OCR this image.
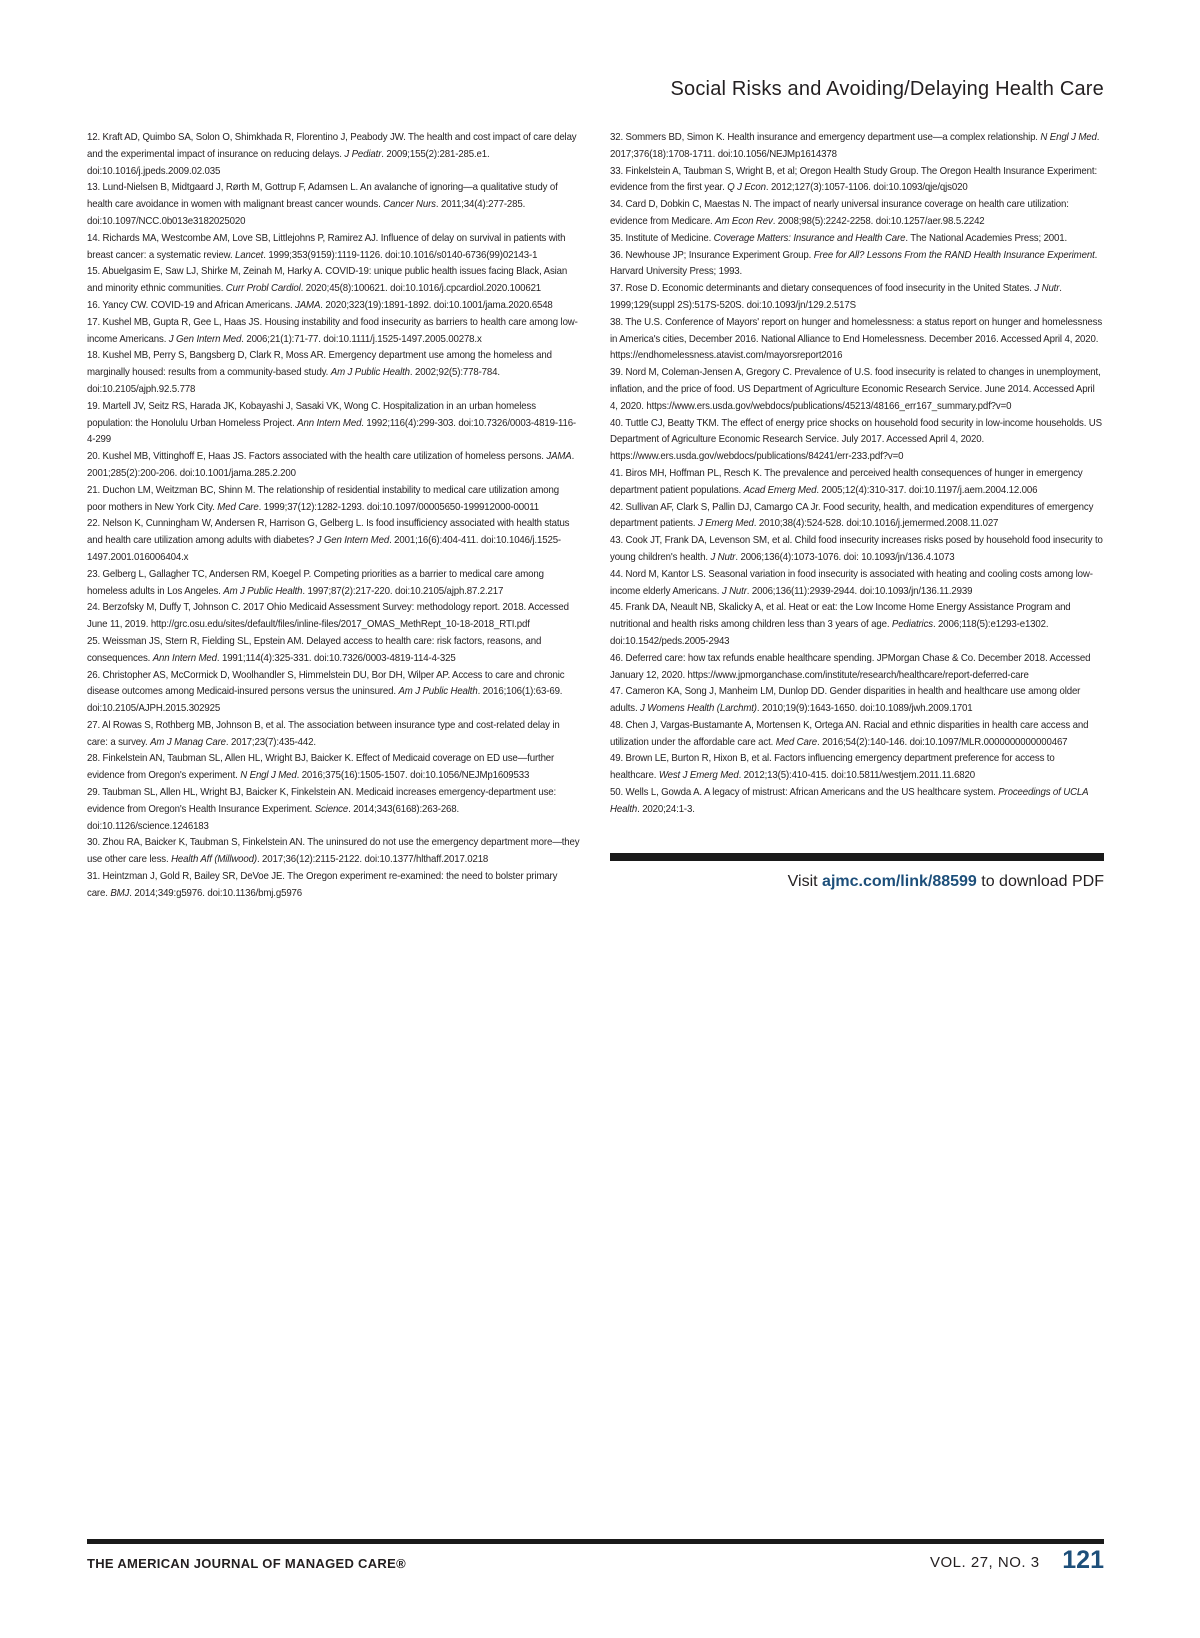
Social Risks and Avoiding/Delaying Health Care

12. Kraft AD, Quimbo SA, Solon O, Shimkhada R, Florentino J, Peabody JW. The health and cost impact of care delay and the experimental impact of insurance on reducing delays. J Pediatr. 2009;155(2):281-285.e1. doi:10.1016/j.jpeds.2009.02.035

13. Lund-Nielsen B, Midtgaard J, Rørth M, Gottrup F, Adamsen L. An avalanche of ignoring—a qualitative study of health care avoidance in women with malignant breast cancer wounds. Cancer Nurs. 2011;34(4):277-285. doi:10.1097/NCC.0b013e3182025020

14. Richards MA, Westcombe AM, Love SB, Littlejohns P, Ramirez AJ. Influence of delay on survival in patients with breast cancer: a systematic review. Lancet. 1999;353(9159):1119-1126. doi:10.1016/s0140-6736(99)02143-1

15. Abuelgasim E, Saw LJ, Shirke M, Zeinah M, Harky A. COVID-19: unique public health issues facing Black, Asian and minority ethnic communities. Curr Probl Cardiol. 2020;45(8):100621. doi:10.1016/j.cpcardiol.2020.100621

16. Yancy CW. COVID-19 and African Americans. JAMA. 2020;323(19):1891-1892. doi:10.1001/jama.2020.6548

17. Kushel MB, Gupta R, Gee L, Haas JS. Housing instability and food insecurity as barriers to health care among low-income Americans. J Gen Intern Med. 2006;21(1):71-77. doi:10.1111/j.1525-1497.2005.00278.x

18. Kushel MB, Perry S, Bangsberg D, Clark R, Moss AR. Emergency department use among the homeless and marginally housed: results from a community-based study. Am J Public Health. 2002;92(5):778-784. doi:10.2105/ajph.92.5.778

19. Martell JV, Seitz RS, Harada JK, Kobayashi J, Sasaki VK, Wong C. Hospitalization in an urban homeless population: the Honolulu Urban Homeless Project. Ann Intern Med. 1992;116(4):299-303. doi:10.7326/0003-4819-116-4-299

20. Kushel MB, Vittinghoff E, Haas JS. Factors associated with the health care utilization of homeless persons. JAMA. 2001;285(2):200-206. doi:10.1001/jama.285.2.200

21. Duchon LM, Weitzman BC, Shinn M. The relationship of residential instability to medical care utilization among poor mothers in New York City. Med Care. 1999;37(12):1282-1293. doi:10.1097/00005650-199912000-00011

22. Nelson K, Cunningham W, Andersen R, Harrison G, Gelberg L. Is food insufficiency associated with health status and health care utilization among adults with diabetes? J Gen Intern Med. 2001;16(6):404-411. doi:10.1046/j.1525-1497.2001.016006404.x

23. Gelberg L, Gallagher TC, Andersen RM, Koegel P. Competing priorities as a barrier to medical care among homeless adults in Los Angeles. Am J Public Health. 1997;87(2):217-220. doi:10.2105/ajph.87.2.217

24. Berzofsky M, Duffy T, Johnson C. 2017 Ohio Medicaid Assessment Survey: methodology report. 2018. Accessed June 11, 2019. http://grc.osu.edu/sites/default/files/inline-files/2017_OMAS_MethRept_10-18-2018_RTI.pdf

25. Weissman JS, Stern R, Fielding SL, Epstein AM. Delayed access to health care: risk factors, reasons, and consequences. Ann Intern Med. 1991;114(4):325-331. doi:10.7326/0003-4819-114-4-325

26. Christopher AS, McCormick D, Woolhandler S, Himmelstein DU, Bor DH, Wilper AP. Access to care and chronic disease outcomes among Medicaid-insured persons versus the uninsured. Am J Public Health. 2016;106(1):63-69. doi:10.2105/AJPH.2015.302925

27. Al Rowas S, Rothberg MB, Johnson B, et al. The association between insurance type and cost-related delay in care: a survey. Am J Manag Care. 2017;23(7):435-442.

28. Finkelstein AN, Taubman SL, Allen HL, Wright BJ, Baicker K. Effect of Medicaid coverage on ED use—further evidence from Oregon's experiment. N Engl J Med. 2016;375(16):1505-1507. doi:10.1056/NEJMp1609533

29. Taubman SL, Allen HL, Wright BJ, Baicker K, Finkelstein AN. Medicaid increases emergency-department use: evidence from Oregon's Health Insurance Experiment. Science. 2014;343(6168):263-268. doi:10.1126/science.1246183

30. Zhou RA, Baicker K, Taubman S, Finkelstein AN. The uninsured do not use the emergency department more—they use other care less. Health Aff (Millwood). 2017;36(12):2115-2122. doi:10.1377/hlthaff.2017.0218

31. Heintzman J, Gold R, Bailey SR, DeVoe JE. The Oregon experiment re-examined: the need to bolster primary care. BMJ. 2014;349:g5976. doi:10.1136/bmj.g5976

32. Sommers BD, Simon K. Health insurance and emergency department use—a complex relationship. N Engl J Med. 2017;376(18):1708-1711. doi:10.1056/NEJMp1614378

33. Finkelstein A, Taubman S, Wright B, et al; Oregon Health Study Group. The Oregon Health Insurance Experiment: evidence from the first year. Q J Econ. 2012;127(3):1057-1106. doi:10.1093/qje/qjs020

34. Card D, Dobkin C, Maestas N. The impact of nearly universal insurance coverage on health care utilization: evidence from Medicare. Am Econ Rev. 2008;98(5):2242-2258. doi:10.1257/aer.98.5.2242

35. Institute of Medicine. Coverage Matters: Insurance and Health Care. The National Academies Press; 2001.

36. Newhouse JP; Insurance Experiment Group. Free for All? Lessons From the RAND Health Insurance Experiment. Harvard University Press; 1993.

37. Rose D. Economic determinants and dietary consequences of food insecurity in the United States. J Nutr. 1999;129(suppl 2S):517S-520S. doi:10.1093/jn/129.2.517S

38. The U.S. Conference of Mayors' report on hunger and homelessness: a status report on hunger and homelessness in America's cities, December 2016. National Alliance to End Homelessness. December 2016. Accessed April 4, 2020. https://endhomelessness.atavist.com/mayorsreport2016

39. Nord M, Coleman-Jensen A, Gregory C. Prevalence of U.S. food insecurity is related to changes in unemployment, inflation, and the price of food. US Department of Agriculture Economic Research Service. June 2014. Accessed April 4, 2020. https://www.ers.usda.gov/webdocs/publications/45213/48166_err167_summary.pdf?v=0

40. Tuttle CJ, Beatty TKM. The effect of energy price shocks on household food security in low-income households. US Department of Agriculture Economic Research Service. July 2017. Accessed April 4, 2020. https://www.ers.usda.gov/webdocs/publications/84241/err-233.pdf?v=0

41. Biros MH, Hoffman PL, Resch K. The prevalence and perceived health consequences of hunger in emergency department patient populations. Acad Emerg Med. 2005;12(4):310-317. doi:10.1197/j.aem.2004.12.006

42. Sullivan AF, Clark S, Pallin DJ, Camargo CA Jr. Food security, health, and medication expenditures of emergency department patients. J Emerg Med. 2010;38(4):524-528. doi:10.1016/j.jemermed.2008.11.027

43. Cook JT, Frank DA, Levenson SM, et al. Child food insecurity increases risks posed by household food insecurity to young children's health. J Nutr. 2006;136(4):1073-1076. doi: 10.1093/jn/136.4.1073

44. Nord M, Kantor LS. Seasonal variation in food insecurity is associated with heating and cooling costs among low-income elderly Americans. J Nutr. 2006;136(11):2939-2944. doi:10.1093/jn/136.11.2939

45. Frank DA, Neault NB, Skalicky A, et al. Heat or eat: the Low Income Home Energy Assistance Program and nutritional and health risks among children less than 3 years of age. Pediatrics. 2006;118(5):e1293-e1302. doi:10.1542/peds.2005-2943

46. Deferred care: how tax refunds enable healthcare spending. JPMorgan Chase & Co. December 2018. Accessed January 12, 2020. https://www.jpmorganchase.com/institute/research/healthcare/report-deferred-care

47. Cameron KA, Song J, Manheim LM, Dunlop DD. Gender disparities in health and healthcare use among older adults. J Womens Health (Larchmt). 2010;19(9):1643-1650. doi:10.1089/jwh.2009.1701

48. Chen J, Vargas-Bustamante A, Mortensen K, Ortega AN. Racial and ethnic disparities in health care access and utilization under the affordable care act. Med Care. 2016;54(2):140-146. doi:10.1097/MLR.0000000000000467

49. Brown LE, Burton R, Hixon B, et al. Factors influencing emergency department preference for access to healthcare. West J Emerg Med. 2012;13(5):410-415. doi:10.5811/westjem.2011.11.6820

50. Wells L, Gowda A. A legacy of mistrust: African Americans and the US healthcare system. Proceedings of UCLA Health. 2020;24:1-3.

Visit ajmc.com/link/88599 to download PDF
THE AMERICAN JOURNAL OF MANAGED CARE®	VOL. 27, NO. 3 121
